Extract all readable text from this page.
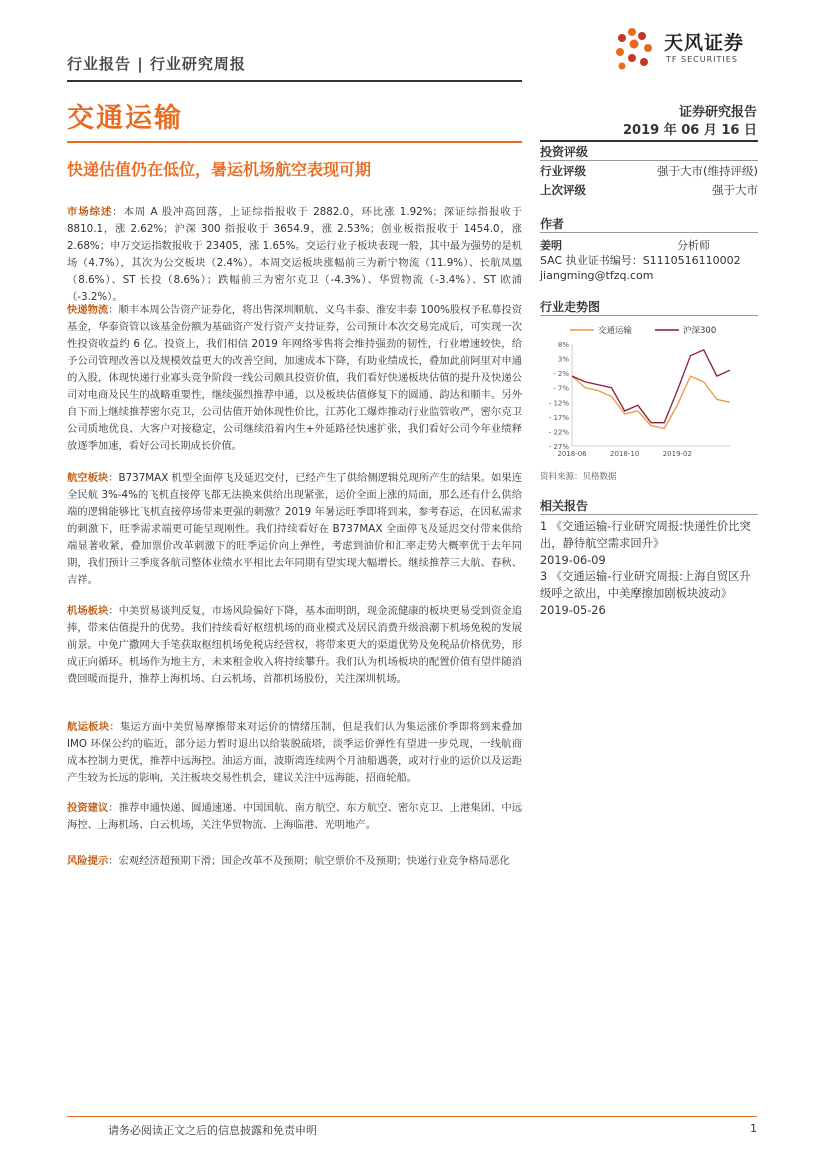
行业报告 | 行业研究周报
天风证券
TF SECURITIES
交通运输	证券研究报告
2019 年 06 月 16 日
快递估值仍在低位，暑运机场航空表现可期
市场综述：本周 A 股冲高回落，上证综指报收于 2882.0，环比涨 1.92%；深证综指报收于 8810.1，涨 2.62%；沪深 300 指报收于 3654.9，涨 2.53%；创业板指报收于 1454.0，涨 2.68%；申万交运指数报收于 23405，涨 1.65%。交运行业子板块表现一般，其中最为强势的是机场（4.7%），其次为公交板块（2.4%）。本周交运板块涨幅前三为新宁物流（11.9%）、长航凤凰（8.6%）、ST 长投（8.6%）；跌幅前三为密尔克卫（-4.3%）、华贸物流（-3.4%）、ST 欧浦（-3.2%）。
快递物流：顺丰本周公告资产证券化，将出售深圳顺航、义乌丰泰、淮安丰泰 100%股权予私募投资基金，华泰资管以该基金份额为基础资产发行资产支持证券，公司预计本次交易完成后，可实现一次性投资收益约 6 亿。投资上，我们相信 2019 年网络零售将会维持强劲的韧性，行业增速较快，给予公司管理改善以及规模效益更大的改善空间，加速成本下降，有助业绩成长，叠加此前阿里对申通的入股，体现快递行业寡头竞争阶段一线公司颇具投资价值，我们看好快递板块估值的提升及快递公司对电商及民生的战略重要性，继续强烈推荐申通，以及板块估值修复下的圆通、韵达和顺丰。另外自下而上继续推荐密尔克卫，公司估值开始体现性价比，江苏化工爆炸推动行业监管收严，密尔克卫公司质地优良、大客户对接稳定，公司继续沿着内生+外延路径快速扩张，我们看好公司今年业绩释放逐季加速，看好公司长期成长价值。
航空板块：B737MAX 机型全面停飞及延迟交付，已经产生了供给侧逻辑兑现所产生的结果。如果连全民航 3%-4%的飞机直接停飞都无法换来供给出现紧张，运价全面上涨的局面，那么还有什么供给端的逻辑能够比飞机直接停场带来更强的刺激？2019 年暑运旺季即将到来，参考春运，在因私需求的刺激下，旺季需求端更可能呈现刚性。我们持续看好在 B737MAX 全面停飞及延迟交付带来供给端显著收紧，叠加票价改革刺激下的旺季运价向上弹性，考虑到油价和汇率走势大概率优于去年同期，我们预计三季度各航司整体业绩水平相比去年同期有望实现大幅增长。继续推荐三大航、春秋、吉祥。
机场板块：中美贸易谈判反复，市场风险偏好下降，基本面明朗，现金流健康的板块更易受到资金追捧，带来估值提升的优势。我们持续看好枢纽机场的商业模式及居民消费升级浪潮下机场免税的发展前景。中免广撒网大手笔获取枢纽机场免税店经营权，将带来更大的渠道优势及免税品价格优势，形成正向循环。机场作为地主方，未来租金收入将持续攀升。我们认为机场板块的配置价值有望伴随消费回暖而提升，推荐上海机场、白云机场、首都机场股份，关注深圳机场。
航运板块：集运方面中美贸易摩擦带来对运价的情绪压制，但是我们认为集运涨价季即将到来叠加 IMO 环保公约的临近，部分运力暂时退出以给装脱硫塔，淡季运价弹性有望进一步兑现，一线航商成本控制力更优，推荐中远海控。油运方面，波斯湾连续两个月油船遇袭，或对行业的运价以及运距产生较为长远的影响，关注板块交易性机会，建议关注中远海能、招商轮船。
投资建议：推荐申通快递、圆通速递、中国国航、南方航空、东方航空、密尔克卫、上港集团、中远海控、上海机场、白云机场，关注华贸物流、上海临港、光明地产。
风险提示：宏观经济超预期下滑；国企改革不及预期；航空票价不及预期；快递行业竞争格局恶化
投资评级
行业评级	强于大市(维持评级)
上次评级	强于大市
作者
姜明	分析师
SAC 执业证书编号：S1110516110002
jiangming@tfzq.com
行业走势图
交通运输	沪深300
8%
3%
- 2%
- 7%
- 12%
- 17%
- 22%
- 27%
2018-06	2018-10	2019-02
资料来源：贝格数据
相关报告
1 《交通运输-行业研究周报:快递性价比突出，静待航空需求回升》
2019-06-09
3 《交通运输-行业研究周报:上海自贸区升级呼之欲出，中美摩擦加剧板块波动》 2019-05-26
请务必阅读正文之后的信息披露和免责申明	1
